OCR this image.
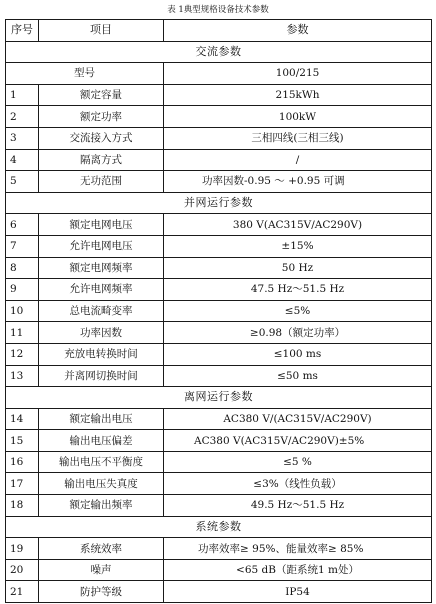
表 1典型规格设备技术参数
序号	项目	参数
交流参数		
型号		100/215
1	额定容量	215kWh
2	额定功率	100kW
3	交流接入方式	三相四线(三相三线)
4	隔离方式	/
5	无功范围	功率因数-0.95 ～ +0.95 可调
并网运行参数		
6	额定电网电压	380 V(AC315V/AC290V)
7	允许电网电压	±15%
8	额定电网频率	50 Hz
9	允许电网频率	47.5 Hz～51.5 Hz
10	总电流畸变率	≤5%
11	功率因数	≥0.98（额定功率）
12	充放电转换时间	≤100 ms
13	并离网切换时间	≤50 ms
离网运行参数		
14	额定输出电压	AC380 V/(AC315V/AC290V)
15	输出电压偏差	AC380 V(AC315V/AC290V)±5%
16	输出电压不平衡度	≤5 %
17	输出电压失真度	≤3%（线性负载）
18	额定输出频率	49.5 Hz～51.5 Hz
系统参数		
19	系统效率	功率效率≥ 95%、能量效率≥ 85%
20	噪声	<65 dB（距系统1 m处）
21	防护等级	IP54
